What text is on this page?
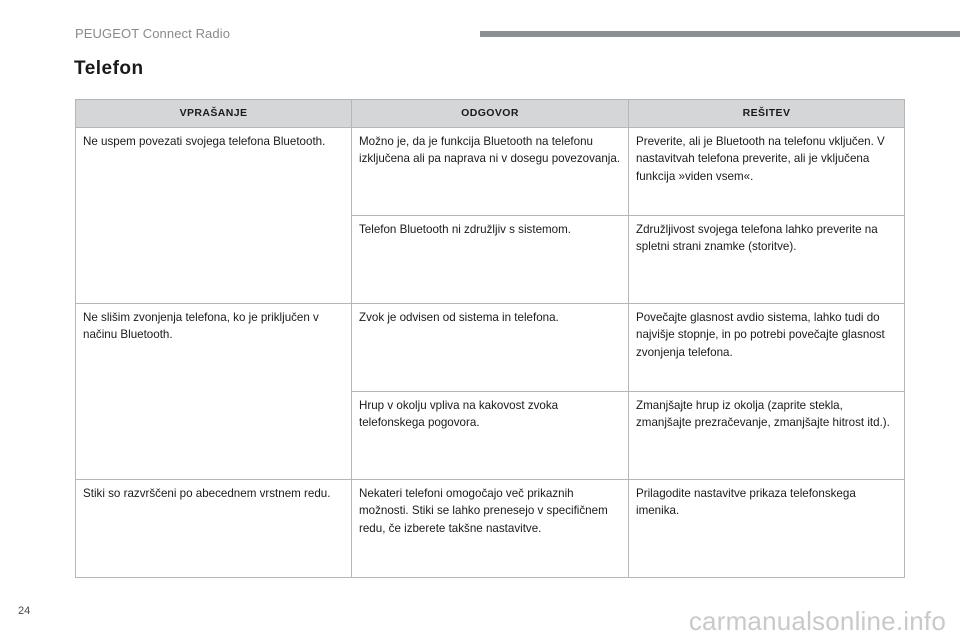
PEUGEOT Connect Radio
Telefon
VPRAŠANJE	ODGOVOR	REŠITEV
Ne uspem povezati svojega telefona Bluetooth.	Možno je, da je funkcija Bluetooth na telefonu izključena ali pa naprava ni v dosegu povezovanja.	Preverite, ali je Bluetooth na telefonu vključen. V nastavitvah telefona preverite, ali je vključena funkcija »viden vsem«.
	Telefon Bluetooth ni združljiv s sistemom.	Združljivost svojega telefona lahko preverite na spletni strani znamke (storitve).
Ne slišim zvonjenja telefona, ko je priključen v načinu Bluetooth.	Zvok je odvisen od sistema in telefona.	Povečajte glasnost avdio sistema, lahko tudi do najvišje stopnje, in po potrebi povečajte glasnost zvonjenja telefona.
	Hrup v okolju vpliva na kakovost zvoka telefonskega pogovora.	Zmanjšajte hrup iz okolja (zaprite stekla, zmanjšajte prezračevanje, zmanjšajte hitrost itd.).
Stiki so razvrščeni po abecednem vrstnem redu.	Nekateri telefoni omogočajo več prikaznih možnosti. Stiki se lahko prenesejo v specifičnem redu, če izberete takšne nastavitve.	Prilagodite nastavitve prikaza telefonskega imenika.
24	carmanualsonline.info
